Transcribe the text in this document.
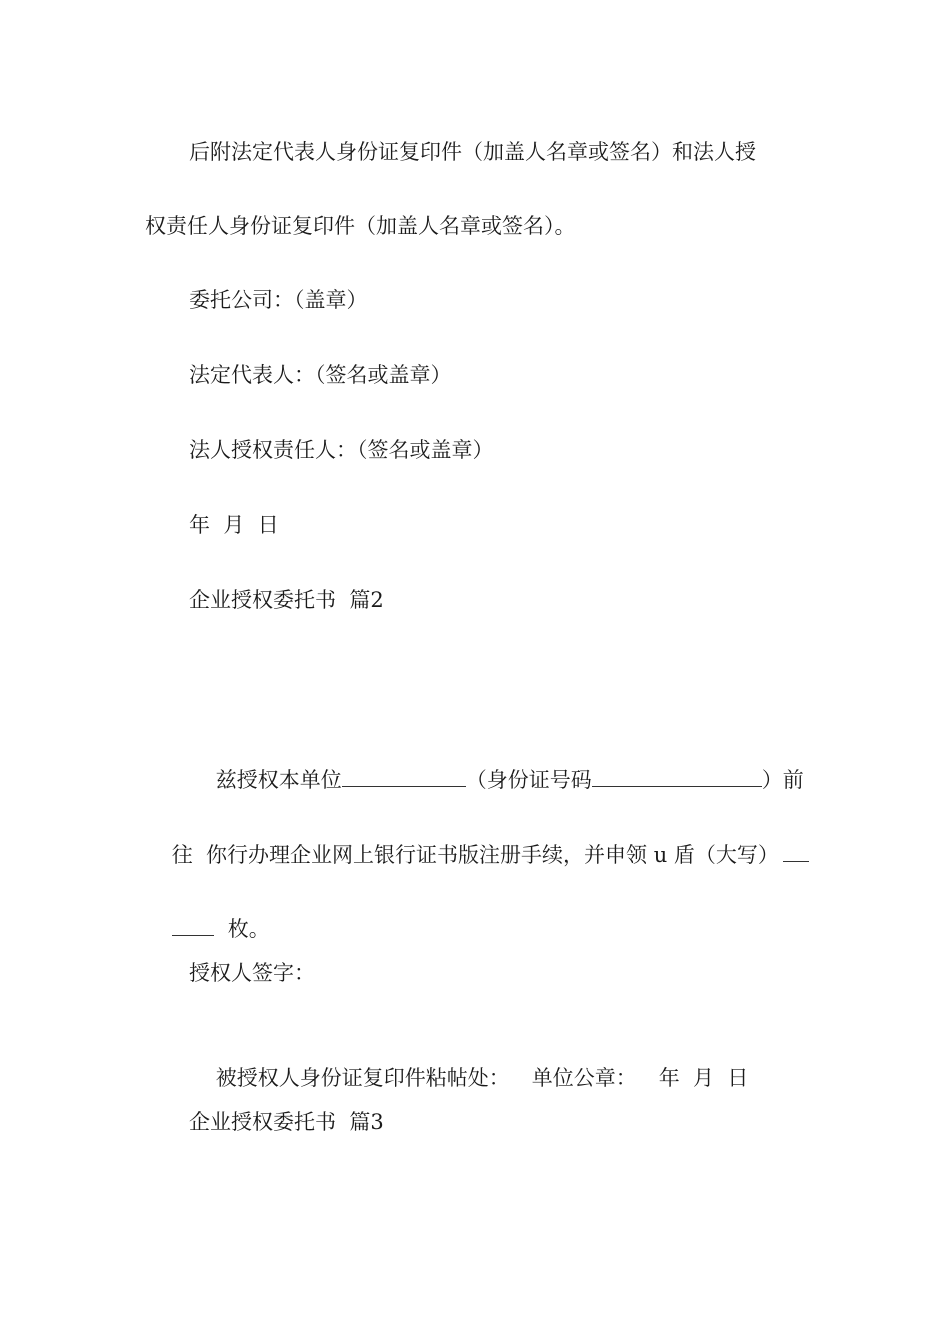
后附法定代表人身份证复印件（加盖人名章或签名）和法人授
权责任人身份证复印件（加盖人名章或签名）。
委托公司：（盖章）
法定代表人：（签名或盖章）
法人授权责任人：（签名或盖章）
年  月  日
企业授权委托书  篇2

兹授权本单位	（身份证号码	）前

往  你行办理企业网上银行证书版注册手续，并申领 u 盾（大写）

枚。

授权人签字：

被授权人身份证复印件粘帖处： 单位公章： 年  月  日

企业授权委托书  篇3
